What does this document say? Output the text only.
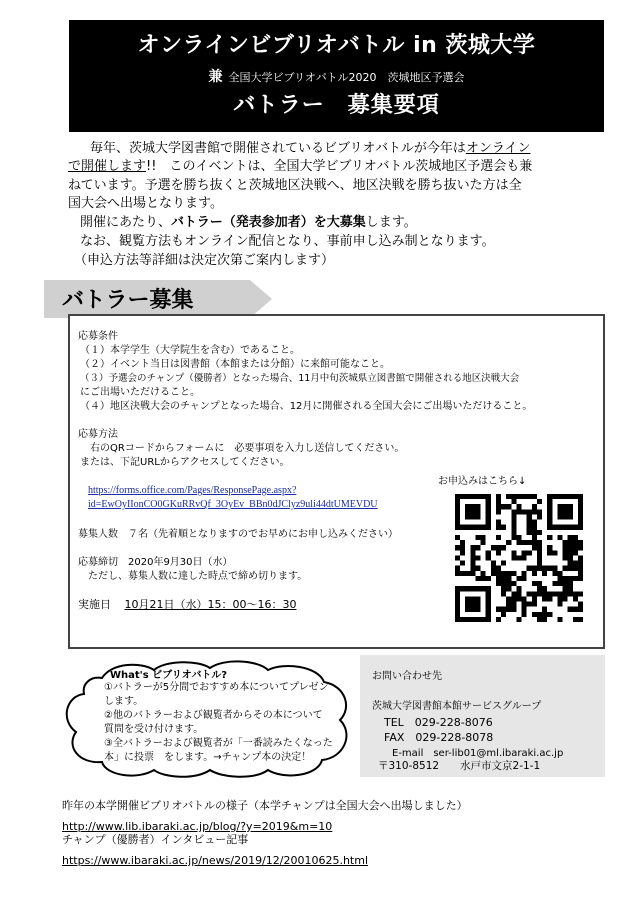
オンラインビブリオバトル in 茨城大学
兼 全国大学ビブリオバトル2020　茨城地区予選会
バトラー　募集要項
毎年、茨城大学図書館で開催されているビブリオバトルが今年はオンライン
で開催します!!　このイベントは、全国大学ビブリオバトル茨城地区予選会も兼
ねています。予選を勝ち抜くと茨城地区決戦へ、地区決戦を勝ち抜いた方は全
国大会へ出場となります。
開催にあたり、バトラー（発表参加者）を大募集します。
なお、観覧方法もオンライン配信となり、事前申し込み制となります。
（申込方法等詳細は決定次第ご案内します）
バトラー募集
応募条件
（１）本学学生（大学院生を含む）であること。
（２）イベント当日は図書館（本館または分館）に来館可能なこと。
（３）予選会のチャンプ（優勝者）となった場合、11月中旬茨城県立図書館で開催される地区決戦大会
にご出場いただけること。
（４）地区決戦大会のチャンプとなった場合、12月に開催される全国大会にご出場いただけること。
応募方法
右のQRコードからフォームに　必要事項を入力し送信してください。
または、下記URLからアクセスしてください。
https://forms.office.com/Pages/ResponsePage.aspx?
id=EwOyIIonCO0GKuRRvQf_3OyEv_BBn0dJClyz9uli44dtUMEVDU
お申込みはこちら↓
募集人数　７名（先着順となりますのでお早めにお申し込みください）
応募締切　2020年9月30日（水）
ただし、募集人数に達した時点で締め切ります。
実施日 10月21日（水）15：00～16：30
お問い合わせ先
茨城大学図書館本館サービスグループ
TEL　029-228-8076
FAX　029-228-8078
E-mail　ser-lib01@ml.ibaraki.ac.jp
〒310-8512　　水戸市文京2-1-1
What's ビブリオバトル?
①バトラーが5分間でおすすめ本についてプレゼン
します。
②他のバトラーおよび観覧者からその本について
質問を受け付けます。
③全バトラーおよび観覧者が「一番読みたくなった
本」に投票　をします。→チャンプ本の決定！
昨年の本学開催ビブリオバトルの様子（本学チャンプは全国大会へ出場しました）
http://www.lib.ibaraki.ac.jp/blog/?y=2019&m=10
チャンプ（優勝者）インタビュー記事
https://www.ibaraki.ac.jp/news/2019/12/20010625.html
